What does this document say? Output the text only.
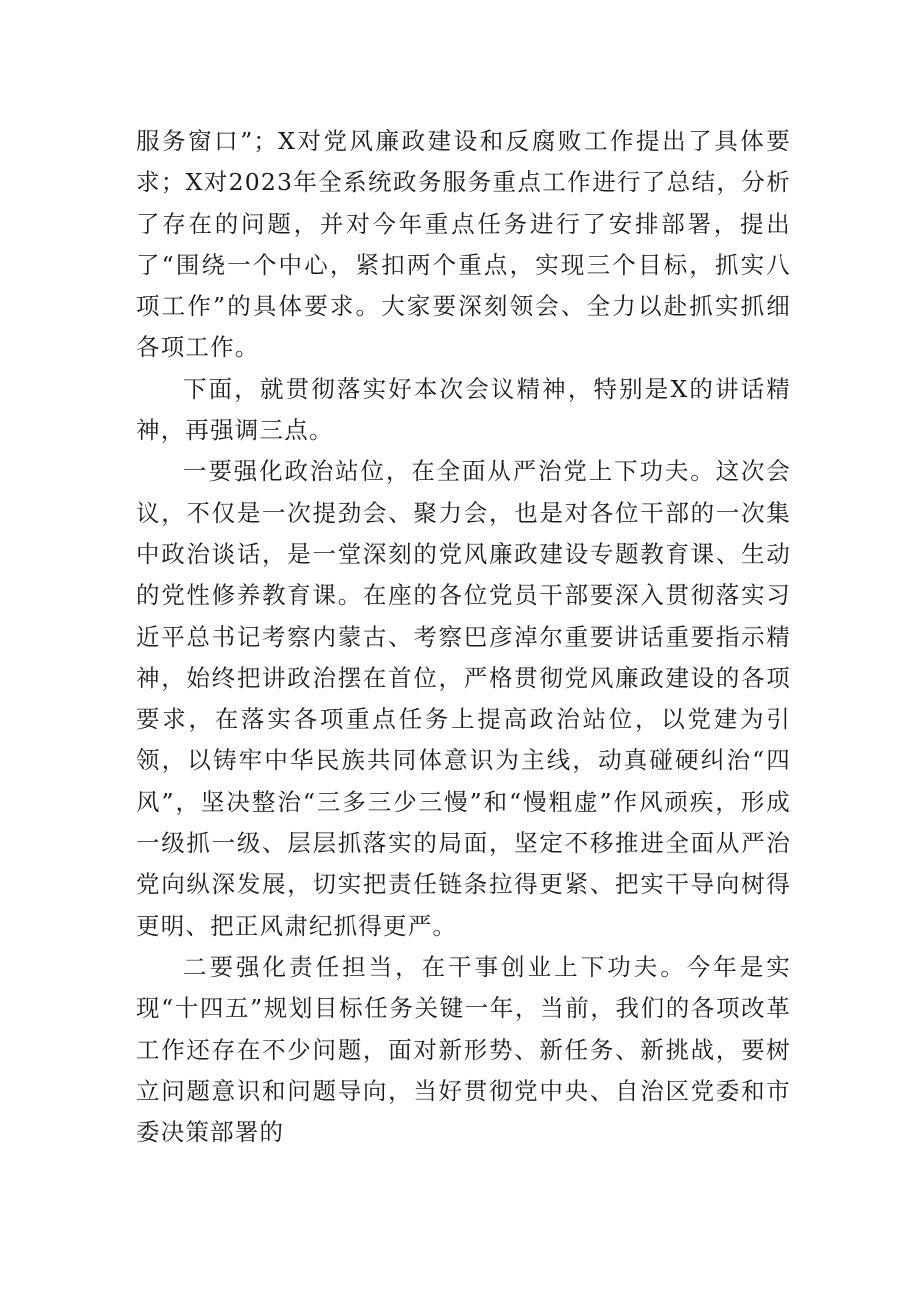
服务窗口”；X对党风廉政建设和反腐败工作提出了具体要求；X对2023年全系统政务服务重点工作进行了总结，分析了存在的问题，并对今年重点任务进行了安排部署，提出了“围绕一个中心，紧扣两个重点，实现三个目标，抓实八项工作”的具体要求。大家要深刻领会、全力以赴抓实抓细各项工作。

下面，就贯彻落实好本次会议精神，特别是X的讲话精神，再强调三点。

一要强化政治站位，在全面从严治党上下功夫。这次会议，不仅是一次提劲会、聚力会，也是对各位干部的一次集中政治谈话，是一堂深刻的党风廉政建设专题教育课、生动的党性修养教育课。在座的各位党员干部要深入贯彻落实习近平总书记考察内蒙古、考察巴彦淖尔重要讲话重要指示精神，始终把讲政治摆在首位，严格贯彻党风廉政建设的各项要求，在落实各项重点任务上提高政治站位，以党建为引领，以铸牢中华民族共同体意识为主线，动真碰硬纠治“四风”，坚决整治“三多三少三慢”和“慢粗虚”作风顽疾，形成一级抓一级、层层抓落实的局面，坚定不移推进全面从严治党向纵深发展，切实把责任链条拉得更紧、把实干导向树得更明、把正风肃纪抓得更严。

二要强化责任担当，在干事创业上下功夫。今年是实现“十四五”规划目标任务关键一年，当前，我们的各项改革工作还存在不少问题，面对新形势、新任务、新挑战，要树立问题意识和问题导向，当好贯彻党中央、自治区党委和市委决策部署的
